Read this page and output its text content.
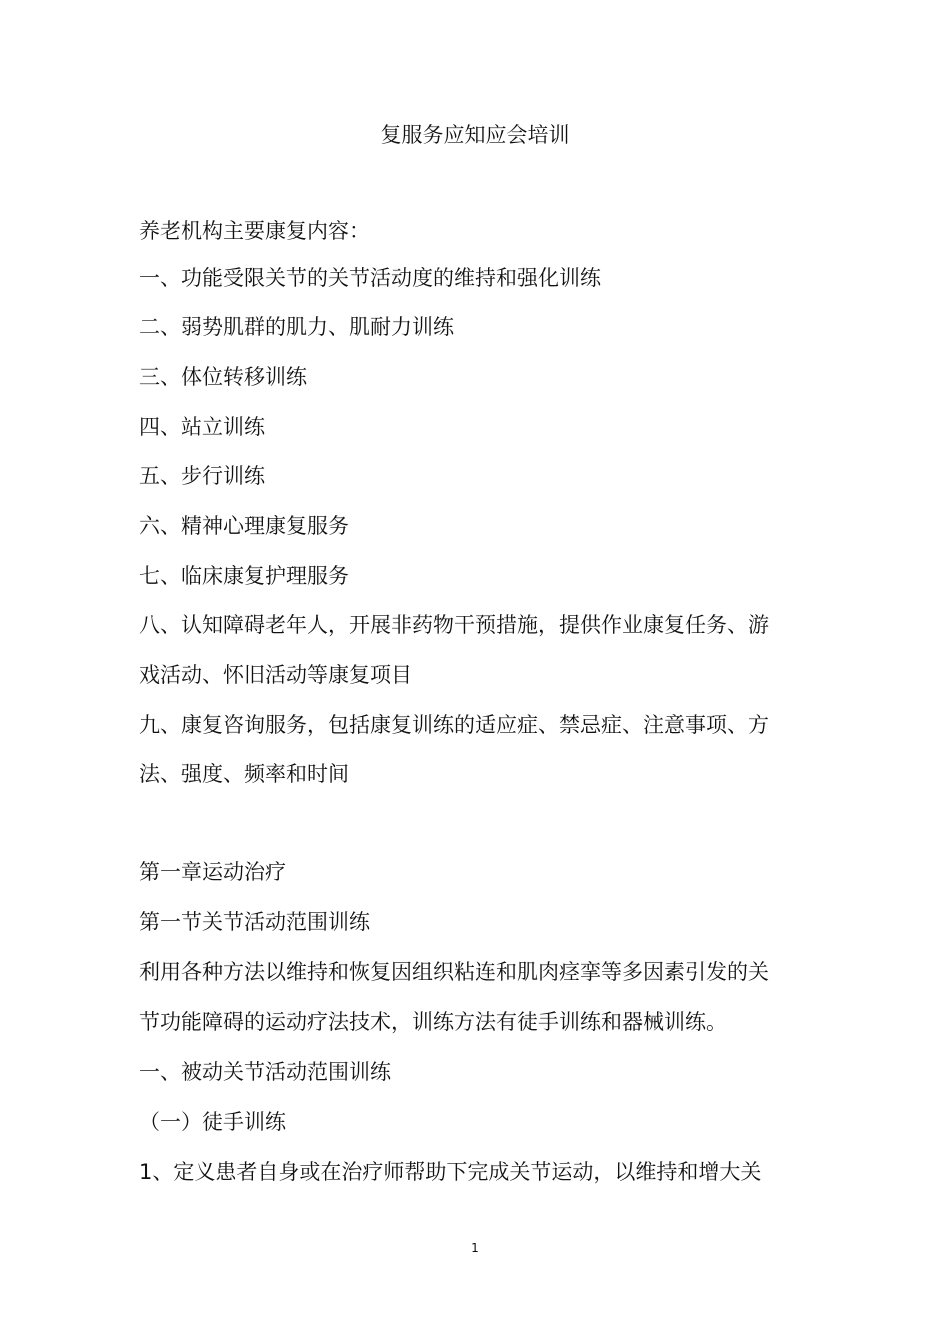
复服务应知应会培训

养老机构主要康复内容：

一、功能受限关节的关节活动度的维持和强化训练

二、弱势肌群的肌力、肌耐力训练

三、体位转移训练

四、站立训练

五、步行训练

六、精神心理康复服务

七、临床康复护理服务

八、认知障碍老年人，开展非药物干预措施，提供作业康复任务、游

戏活动、怀旧活动等康复项目

九、康复咨询服务，包括康复训练的适应症、禁忌症、注意事项、方

法、强度、频率和时间

第一章运动治疗

第一节关节活动范围训练

利用各种方法以维持和恢复因组织粘连和肌肉痉挛等多因素引发的关

节功能障碍的运动疗法技术，训练方法有徒手训练和器械训练。

一、被动关节活动范围训练

（一）徒手训练

1、定义患者自身或在治疗师帮助下完成关节运动，以维持和增大关

1
